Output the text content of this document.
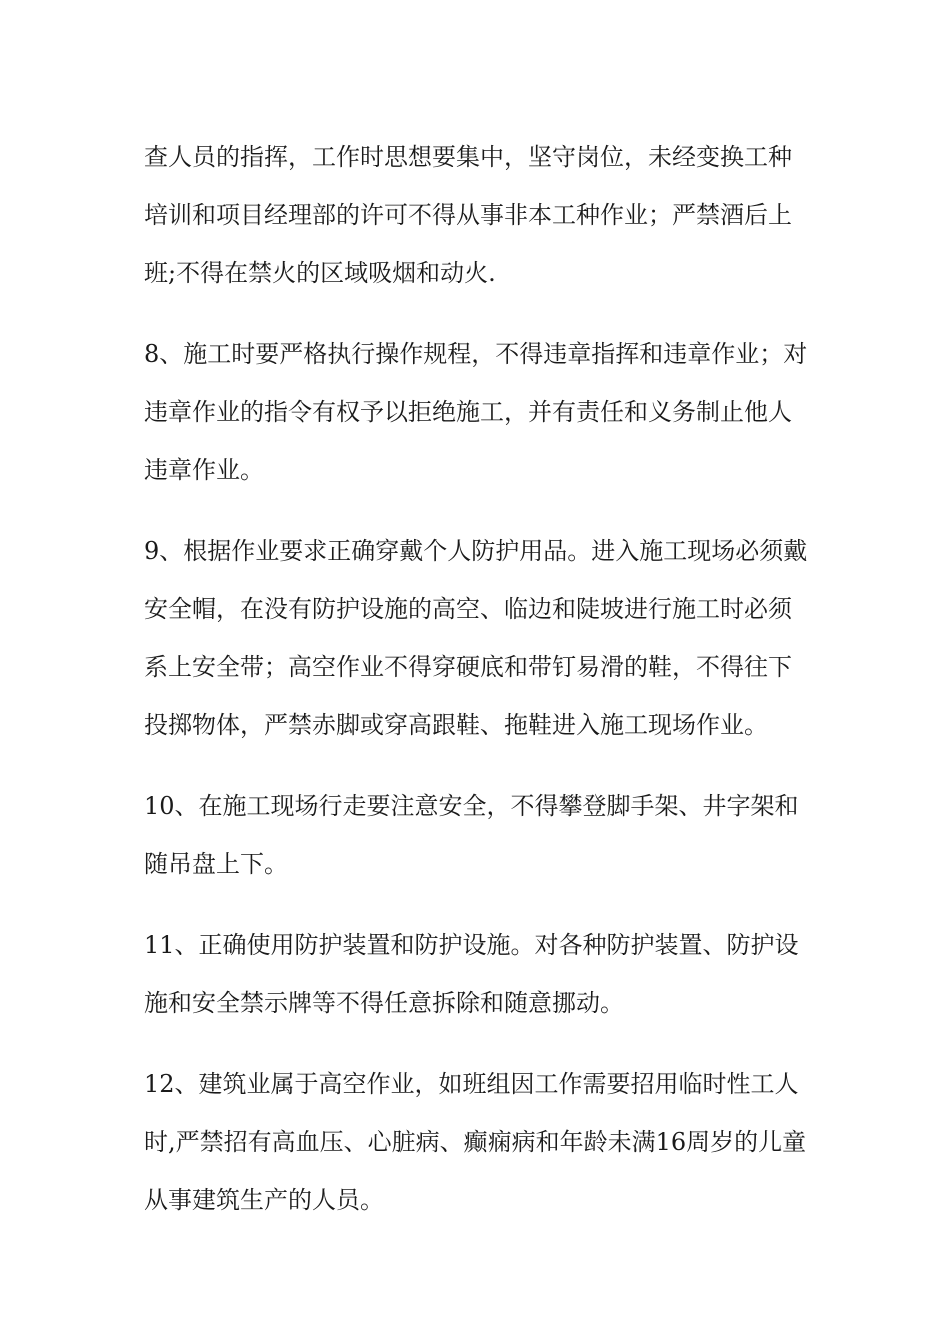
查人员的指挥，工作时思想要集中，坚守岗位，未经变换工种培训和项目经理部的许可不得从事非本工种作业；严禁酒后上班;不得在禁火的区域吸烟和动火.

8、施工时要严格执行操作规程，不得违章指挥和违章作业；对违章作业的指令有权予以拒绝施工，并有责任和义务制止他人违章作业。

9、根据作业要求正确穿戴个人防护用品。进入施工现场必须戴安全帽，在没有防护设施的高空、临边和陡坡进行施工时必须系上安全带；高空作业不得穿硬底和带钉易滑的鞋，不得往下投掷物体，严禁赤脚或穿高跟鞋、拖鞋进入施工现场作业。

10、在施工现场行走要注意安全，不得攀登脚手架、井字架和随吊盘上下。

11、正确使用防护装置和防护设施。对各种防护装置、防护设施和安全禁示牌等不得任意拆除和随意挪动。

12、建筑业属于高空作业，如班组因工作需要招用临时性工人时,严禁招有高血压、心脏病、癫痫病和年龄未满16周岁的儿童从事建筑生产的人员。
